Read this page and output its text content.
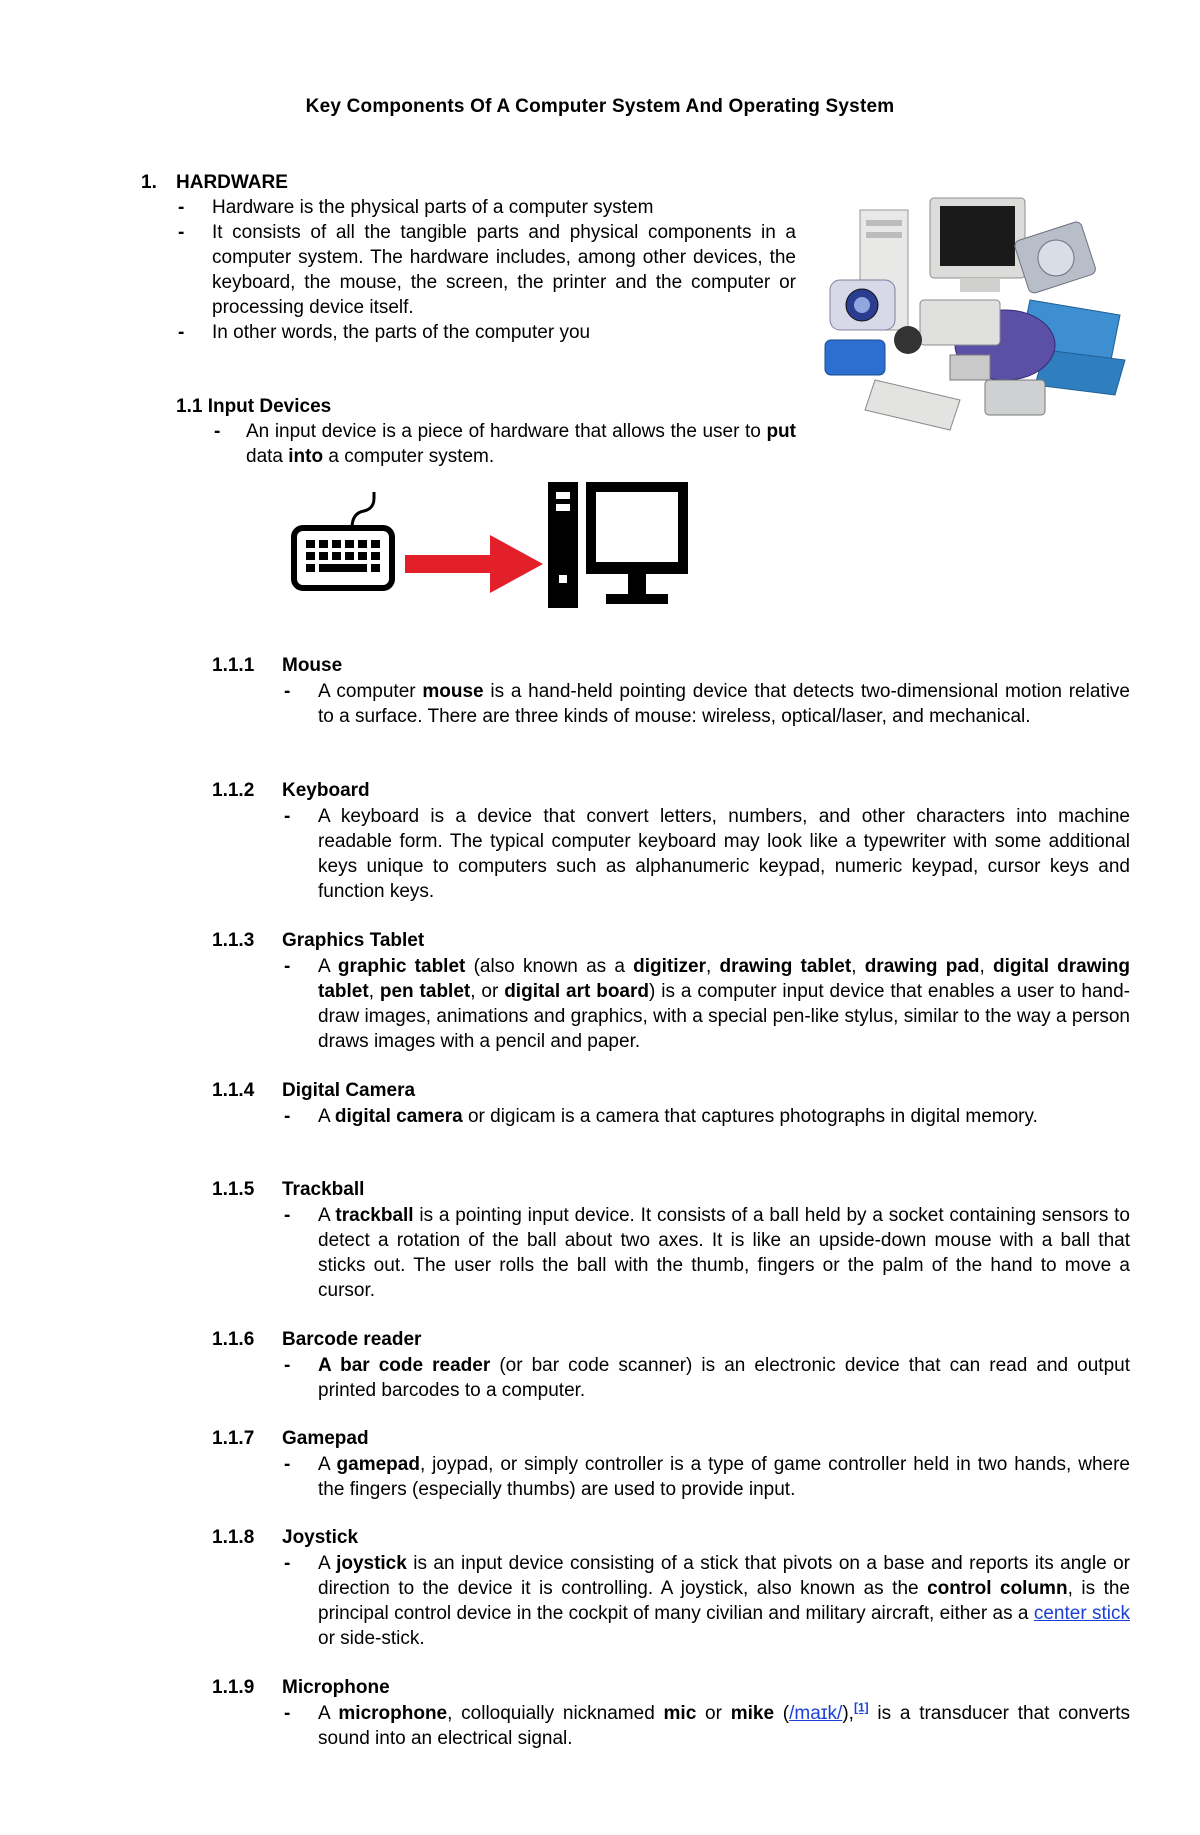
Key Components Of A Computer System And Operating System
1. HARDWARE
- Hardware is the physical parts of a computer system
- It consists of all the tangible parts and physical components in a computer system. The hardware includes, among other devices, the keyboard, the mouse, the screen, the printer and the computer or processing device itself.
- In other words, the parts of the computer you
1.1 Input Devices
- An input device is a piece of hardware that allows the user to put data into a computer system.
1.1.1 Mouse
- A computer mouse is a hand-held pointing device that detects two-dimensional motion relative to a surface. There are three kinds of mouse: wireless, optical/laser, and mechanical.
1.1.2 Keyboard
- A keyboard is a device that convert letters, numbers, and other characters into machine readable form. The typical computer keyboard may look like a typewriter with some additional keys unique to computers such as alphanumeric keypad, numeric keypad, cursor keys and function keys.
1.1.3 Graphics Tablet
- A graphic tablet (also known as a digitizer, drawing tablet, drawing pad, digital drawing tablet, pen tablet, or digital art board) is a computer input device that enables a user to hand-draw images, animations and graphics, with a special pen-like stylus, similar to the way a person draws images with a pencil and paper.
1.1.4 Digital Camera
- A digital camera or digicam is a camera that captures photographs in digital memory.
1.1.5 Trackball
- A trackball is a pointing input device. It consists of a ball held by a socket containing sensors to detect a rotation of the ball about two axes. It is like an upside-down mouse with a ball that sticks out. The user rolls the ball with the thumb, fingers or the palm of the hand to move a cursor.
1.1.6 Barcode reader
- A bar code reader (or bar code scanner) is an electronic device that can read and output printed barcodes to a computer.
1.1.7 Gamepad
- A gamepad, joypad, or simply controller is a type of game controller held in two hands, where the fingers (especially thumbs) are used to provide input.
1.1.8 Joystick
- A joystick is an input device consisting of a stick that pivots on a base and reports its angle or direction to the device it is controlling. A joystick, also known as the control column, is the principal control device in the cockpit of many civilian and military aircraft, either as a center stick or side-stick.
1.1.9 Microphone
- A microphone, colloquially nicknamed mic or mike (/maɪk/),[1] is a transducer that converts sound into an electrical signal.
